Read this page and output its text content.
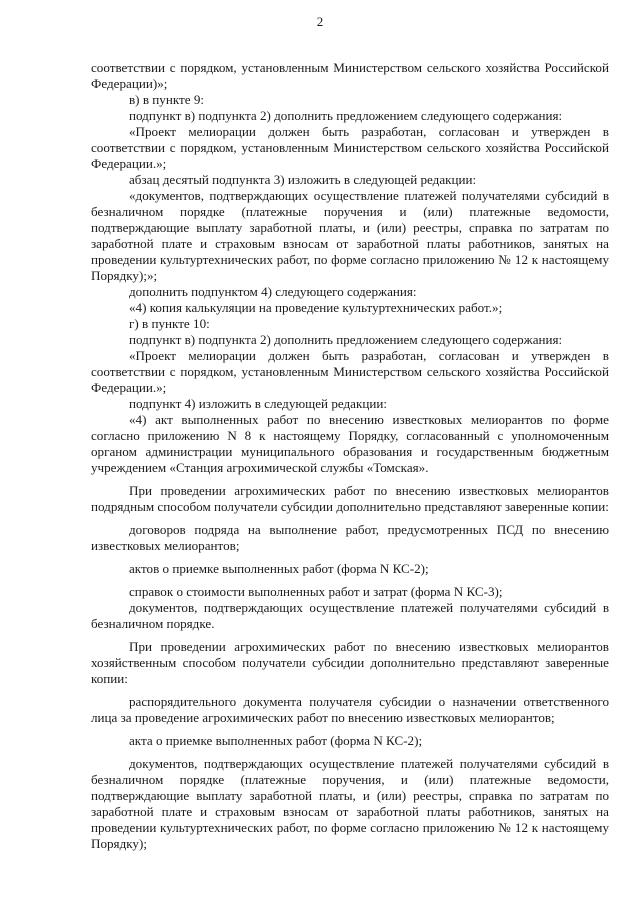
2

соответствии с порядком, установленным Министерством сельского хозяйства Российской Федерации)»;

в) в пункте 9:

подпункт в) подпункта 2) дополнить предложением следующего содержания:

«Проект мелиорации должен быть разработан, согласован и утвержден в соответствии с порядком, установленным Министерством сельского хозяйства Российской Федерации.»;

абзац десятый подпункта 3) изложить в следующей редакции:

«документов, подтверждающих осуществление платежей получателями субсидий в безналичном порядке (платежные поручения и (или) платежные ведомости, подтверждающие выплату заработной платы, и (или) реестры, справка по затратам по заработной плате и страховым взносам от заработной платы работников, занятых на проведении культуртехнических работ, по форме согласно приложению № 12 к настоящему Порядку);»;

дополнить подпунктом 4) следующего содержания:

«4) копия калькуляции на проведение культуртехнических работ.»;

г) в пункте 10:

подпункт в) подпункта 2) дополнить предложением следующего содержания:

«Проект мелиорации должен быть разработан, согласован и утвержден в соответствии с порядком, установленным Министерством сельского хозяйства Российской Федерации.»;

подпункт 4) изложить в следующей редакции:

«4) акт выполненных работ по внесению известковых мелиорантов по форме согласно приложению N 8 к настоящему Порядку, согласованный с уполномоченным органом администрации муниципального образования и государственным бюджетным учреждением «Станция агрохимической службы «Томская».

При проведении агрохимических работ по внесению известковых мелиорантов подрядным способом получатели субсидии дополнительно представляют заверенные копии:

договоров подряда на выполнение работ, предусмотренных ПСД по внесению известковых мелиорантов;

актов о приемке выполненных работ (форма N КС-2);

справок о стоимости выполненных работ и затрат (форма N КС-3);

документов, подтверждающих осуществление платежей получателями субсидий в безналичном порядке.

При проведении агрохимических работ по внесению известковых мелиорантов хозяйственным способом получатели субсидии дополнительно представляют заверенные копии:

распорядительного документа получателя субсидии о назначении ответственного лица за проведение агрохимических работ по внесению известковых мелиорантов;

акта о приемке выполненных работ (форма N КС-2);

документов, подтверждающих осуществление платежей получателями субсидий в безналичном порядке (платежные поручения, и (или) платежные ведомости, подтверждающие выплату заработной платы, и (или) реестры, справка по затратам по заработной плате и страховым взносам от заработной платы работников, занятых на проведении культуртехнических работ, по форме согласно приложению № 12 к настоящему Порядку);
